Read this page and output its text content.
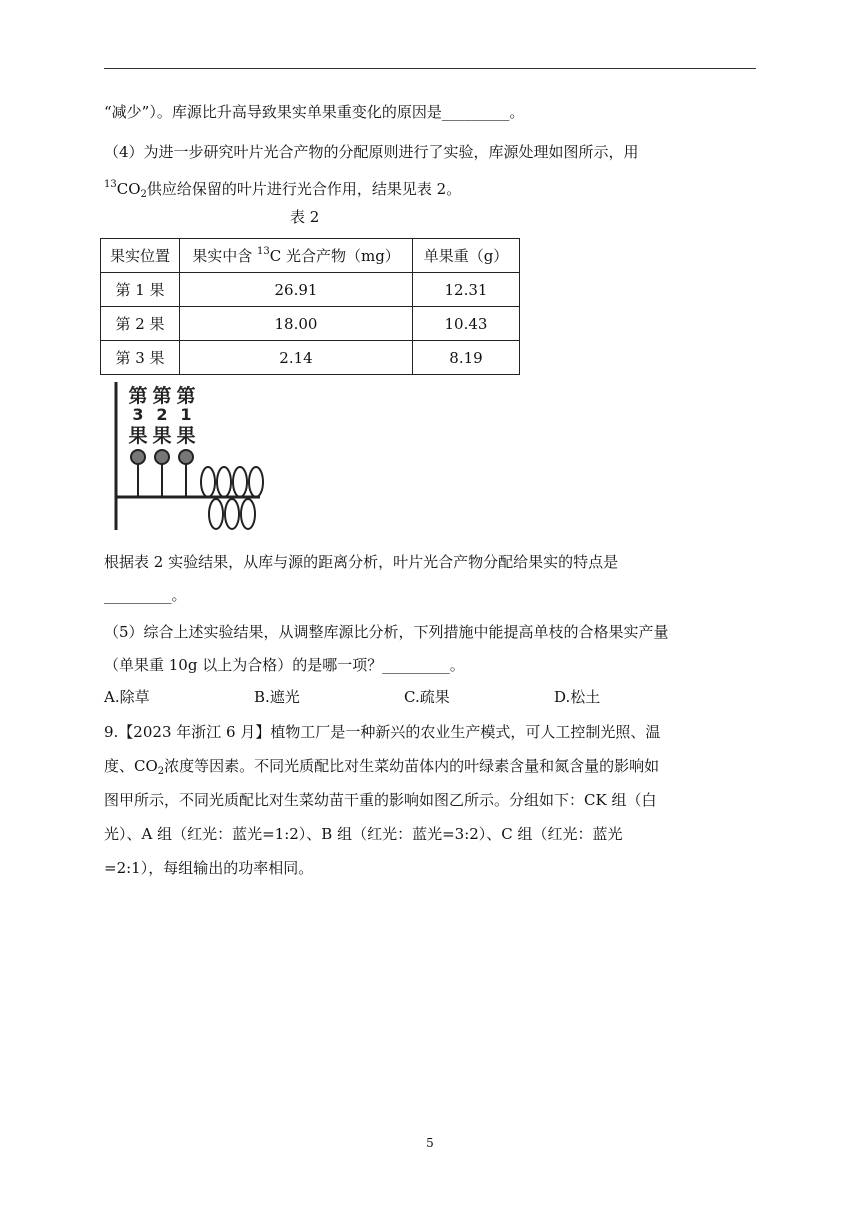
“减少”）。库源比升高导致果实单果重变化的原因是_________。
（4）为进一步研究叶片光合产物的分配原则进行了实验，库源处理如图所示，用
$^{13}CO_2$供应给保留的叶片进行光合作用，结果见表 2。
表 2
果实位置	果实中含 $^{13}$C 光合产物（mg）	单果重（g）
第 1 果	26.91	12.31
第 2 果	18.00	10.43
第 3 果	2.14	8.19
第
3
果
第
2
果
第
1
果
根据表 2 实验结果，从库与源的距离分析，叶片光合产物分配给果实的特点是
_________。
（5）综合上述实验结果，从调整库源比分析，下列措施中能提高单枝的合格果实产量
（单果重 10g 以上为合格）的是哪一项？_________。
A.除草	B.遮光	C.疏果	D.松土
9.【2023 年浙江 6 月】植物工厂是一种新兴的农业生产模式，可人工控制光照、温
度、$CO_2$浓度等因素。不同光质配比对生菜幼苗体内的叶绿素含量和氮含量的影响如
图甲所示，不同光质配比对生菜幼苗干重的影响如图乙所示。分组如下：CK 组（白
光）、A 组（红光：蓝光=1:2）、B 组（红光：蓝光=3:2）、C 组（红光：蓝光
=2:1），每组输出的功率相同。
5
